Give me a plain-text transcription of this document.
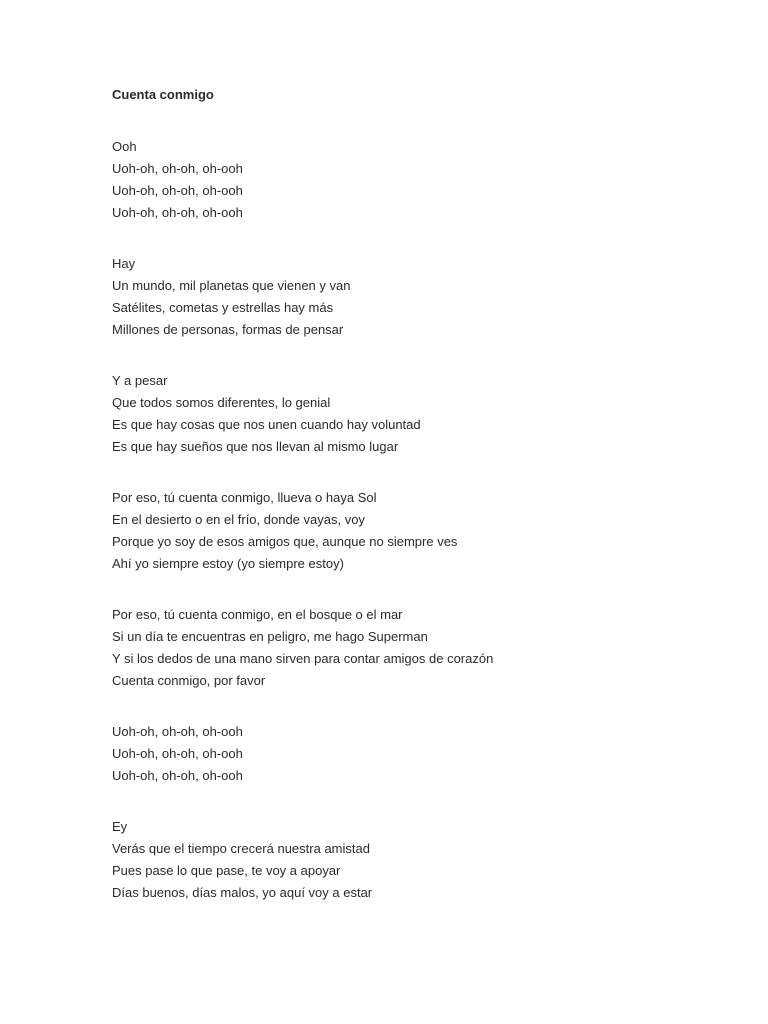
Cuenta conmigo
Ooh
Uoh-oh, oh-oh, oh-ooh
Uoh-oh, oh-oh, oh-ooh
Uoh-oh, oh-oh, oh-ooh
Hay
Un mundo, mil planetas que vienen y van
Satélites, cometas y estrellas hay más
Millones de personas, formas de pensar
Y a pesar
Que todos somos diferentes, lo genial
Es que hay cosas que nos unen cuando hay voluntad
Es que hay sueños que nos llevan al mismo lugar
Por eso, tú cuenta conmigo, llueva o haya Sol
En el desierto o en el frío, donde vayas, voy
Porque yo soy de esos amigos que, aunque no siempre ves
Ahí yo siempre estoy (yo siempre estoy)
Por eso, tú cuenta conmigo, en el bosque o el mar
Si un día te encuentras en peligro, me hago Superman
Y si los dedos de una mano sirven para contar amigos de corazón
Cuenta conmigo, por favor
Uoh-oh, oh-oh, oh-ooh
Uoh-oh, oh-oh, oh-ooh
Uoh-oh, oh-oh, oh-ooh
Ey
Verás que el tiempo crecerá nuestra amistad
Pues pase lo que pase, te voy a apoyar
Días buenos, días malos, yo aquí voy a estar
